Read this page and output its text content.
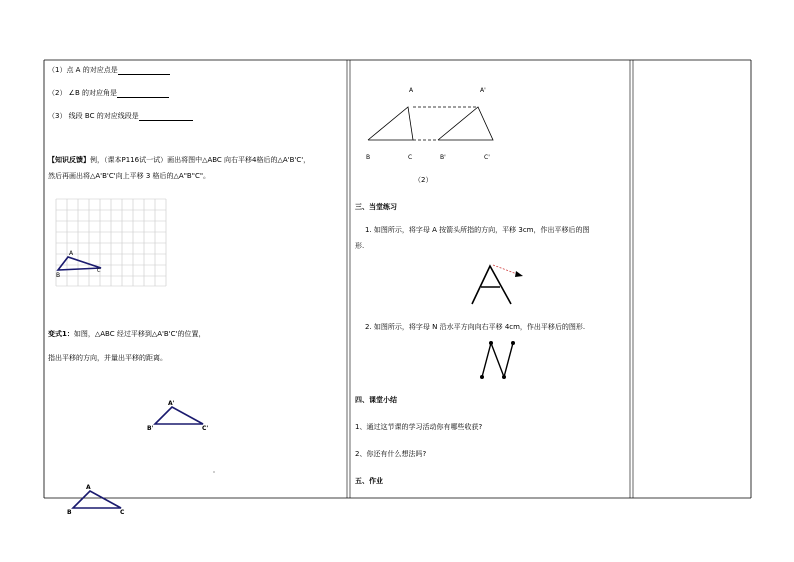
（1）点 A 的对应点是
（2） ∠B 的对应角是
（3） 线段 BC 的对应线段是
【知识反馈】例，（课本P116试一试）画出将图中△ABC 向右平移4格后的△A'B'C'，
然后再画出将△A'B'C'向上平移 3 格后的△A"B"C"。
A
B
C
变式1：如图，△ABC 经过平移到△A'B'C'的位置，
指出平移的方向，并量出平移的距离。
A'
B'	C'
A
B	C
A	A'
B	C	B'	C'
（2）
三、当堂练习
1. 如图所示，将字母 A 按箭头所指的方向，平移 3cm，作出平移后的图
形.
2. 如图所示，将字母 N 沿水平方向向右平移 4cm，作出平移后的图形.
四、课堂小结
1、通过这节课的学习活动你有哪些收获?
2、你还有什么想法吗?
五、作业
